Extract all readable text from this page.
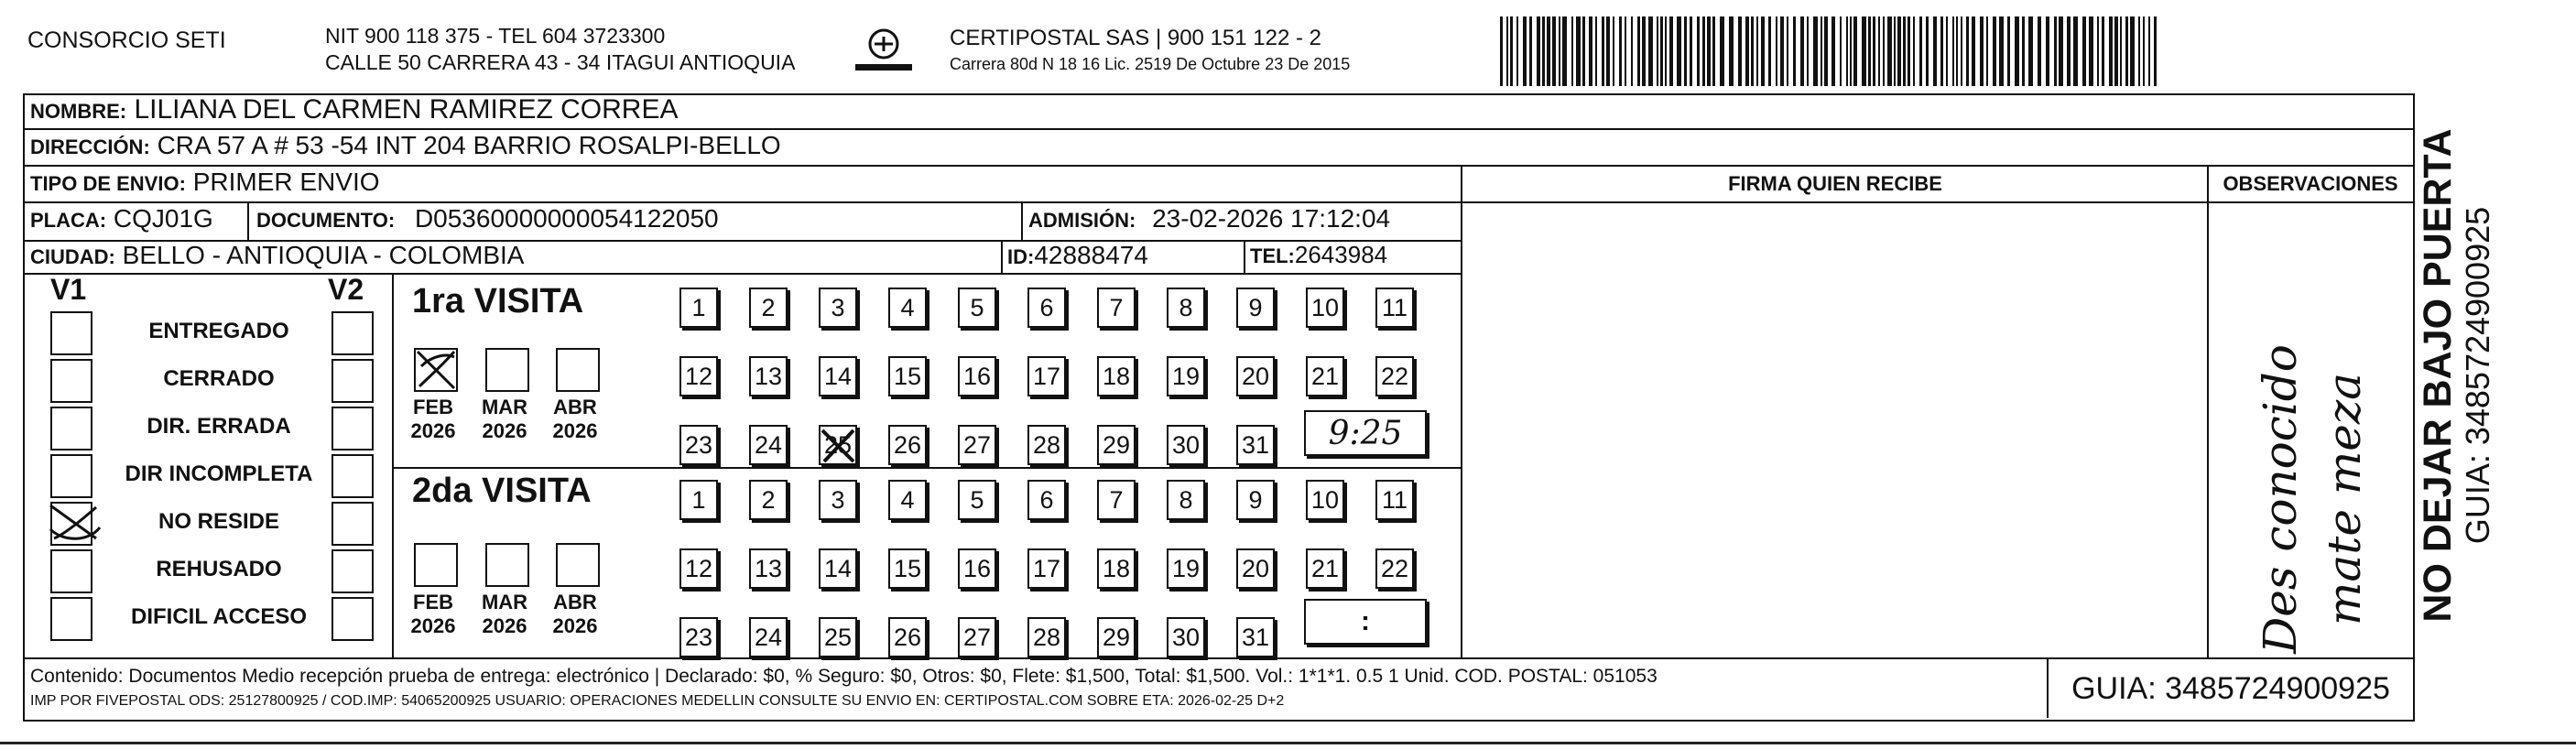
CONSORCIO SETI	NIT 900 118 375 - TEL 604 3723300
CALLE 50 CARRERA 43 - 34 ITAGUI ANTIOQUIA
CERTIPOSTAL SAS | 900 151 122 - 2
Carrera 80d N 18 16 Lic. 2519 De Octubre 23 De 2015
NOMBRE: LILIANA DEL CARMEN RAMIREZ CORREA
DIRECCIÓN: CRA 57 A # 53 -54 INT 204 BARRIO ROSALPI-BELLO
TIPO DE ENVIO: PRIMER ENVIO	FIRMA QUIEN RECIBE	OBSERVACIONES
PLACA: CQJ01G DOCUMENTO: D05360000000054122050	ADMISIÓN: 23-02-2026 17:12:04
CIUDAD: BELLO - ANTIOQUIA - COLOMBIA	ID:42888474	TEL:2643984
V1	V2
ENTREGADO
CERRADO
DIR. ERRADA
DIR INCOMPLETA
NO RESIDE
REHUSADO
DIFICIL ACCESO
1ra VISITA
FEB
2026
MAR
2026
ABR
2026
1 2 3 4 5 6 7 8 9 10 11
12 13 14 15 16 17 18 19 20 21 22
23 24 25 26 27 28 29 30 31
2da VISITA
FEB
2026
MAR
2026
ABR
2026
1 2 3 4 5 6 7 8 9 10 11
12 13 14 15 16 17 18 19 20 21 22
23 24 25 26 27 28 29 30 31
9:25
:	Des conocido mate meza
Contenido: Documentos Medio recepción prueba de entrega: electrónico | Declarado: $0, % Seguro: $0, Otros: $0, Flete: $1,500, Total: $1,500. Vol.: 1*1*1. 0.5 1 Unid. COD. POSTAL: 051053
IMP POR FIVEPOSTAL ODS: 25127800925 / COD.IMP: 54065200925 USUARIO: OPERACIONES MEDELLIN CONSULTE SU ENVIO EN: CERTIPOSTAL.COM SOBRE ETA: 2026-02-25 D+2	GUIA: 3485724900925
NO DEJAR BAJO PUERTA GUIA: 3485724900925
